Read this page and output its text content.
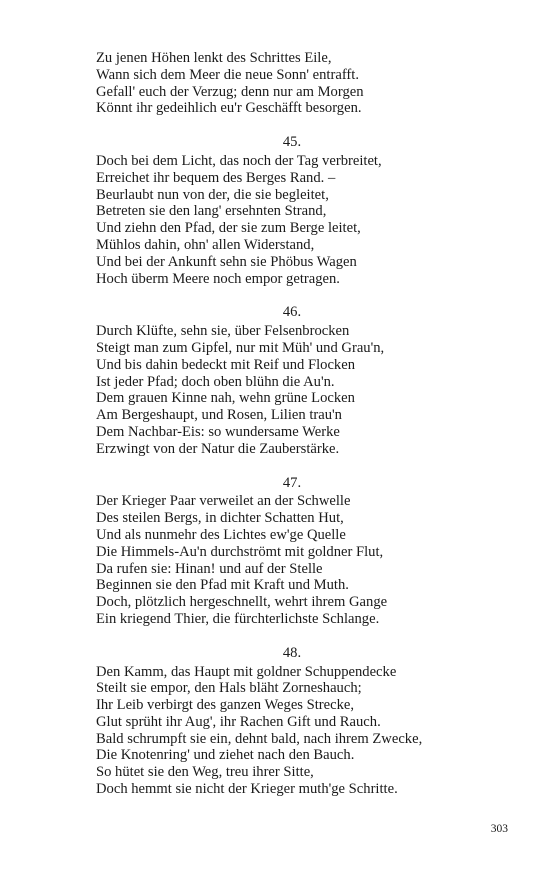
Zu jenen Höhen lenkt des Schrittes Eile,
Wann sich dem Meer die neue Sonn' entrafft.
Gefall' euch der Verzug; denn nur am Morgen
Könnt ihr gedeihlich eu'r Geschäfft besorgen.
45.
Doch bei dem Licht, das noch der Tag verbreitet,
Erreichet ihr bequem des Berges Rand. –
Beurlaubt nun von der, die sie begleitet,
Betreten sie den lang' ersehnten Strand,
Und ziehn den Pfad, der sie zum Berge leitet,
Mühlos dahin, ohn' allen Widerstand,
Und bei der Ankunft sehn sie Phöbus Wagen
Hoch überm Meere noch empor getragen.
46.
Durch Klüfte, sehn sie, über Felsenbrocken
Steigt man zum Gipfel, nur mit Müh' und Grau'n,
Und bis dahin bedeckt mit Reif und Flocken
Ist jeder Pfad; doch oben blühn die Au'n.
Dem grauen Kinne nah, wehn grüne Locken
Am Bergeshaupt, und Rosen, Lilien trau'n
Dem Nachbar-Eis: so wundersame Werke
Erzwingt von der Natur die Zauberstärke.
47.
Der Krieger Paar verweilet an der Schwelle
Des steilen Bergs, in dichter Schatten Hut,
Und als nunmehr des Lichtes ew'ge Quelle
Die Himmels-Au'n durchströmt mit goldner Flut,
Da rufen sie: Hinan! und auf der Stelle
Beginnen sie den Pfad mit Kraft und Muth.
Doch, plötzlich hergeschnellt, wehrt ihrem Gange
Ein kriegend Thier, die fürchterlichste Schlange.
48.
Den Kamm, das Haupt mit goldner Schuppendecke
Steilt sie empor, den Hals bläht Zorneshauch;
Ihr Leib verbirgt des ganzen Weges Strecke,
Glut sprüht ihr Aug', ihr Rachen Gift und Rauch.
Bald schrumpft sie ein, dehnt bald, nach ihrem Zwecke,
Die Knotenring' und ziehet nach den Bauch.
So hütet sie den Weg, treu ihrer Sitte,
Doch hemmt sie nicht der Krieger muth'ge Schritte.
303
